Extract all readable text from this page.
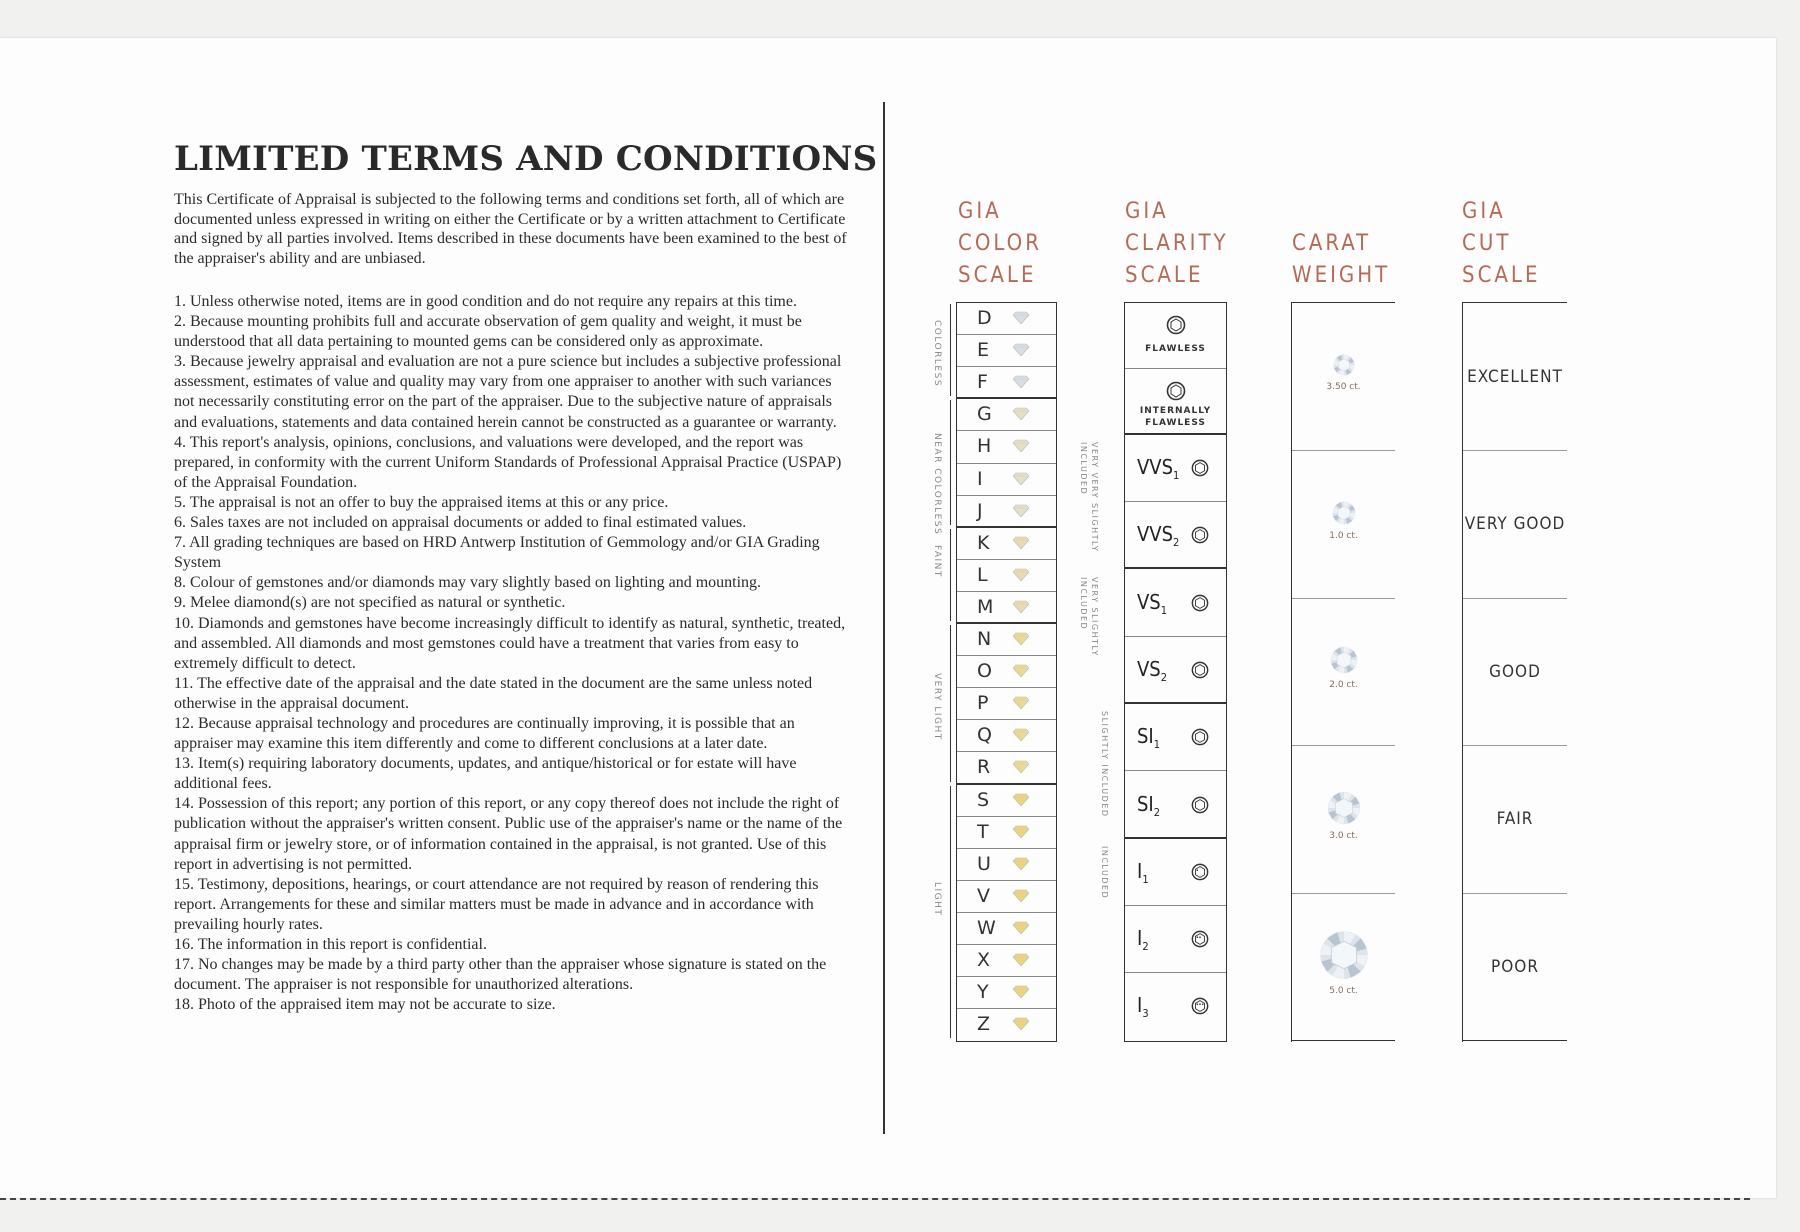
LIMITED TERMS AND CONDITIONS

This Certificate of Appraisal is subjected to the following terms and conditions set forth, all of which are documented unless expressed in writing on either the Certificate or by a written attachment to Certificate and signed by all parties involved. Items described in these documents have been examined to the best of the appraiser's ability and are unbiased.

1. Unless otherwise noted, items are in good condition and do not require any repairs at this time.

2. Because mounting prohibits full and accurate observation of gem quality and weight, it must be understood that all data pertaining to mounted gems can be considered only as approximate.

3. Because jewelry appraisal and evaluation are not a pure science but includes a subjective professional assessment, estimates of value and quality may vary from one appraiser to another with such variances not necessarily constituting error on the part of the appraiser. Due to the subjective nature of appraisals and evaluations, statements and data contained herein cannot be constructed as a guarantee or warranty.

4. This report's analysis, opinions, conclusions, and valuations were developed, and the report was prepared, in conformity with the current Uniform Standards of Professional Appraisal Practice (USPAP) of the Appraisal Foundation.

5. The appraisal is not an offer to buy the appraised items at this or any price.

6. Sales taxes are not included on appraisal documents or added to final estimated values.

7. All grading techniques are based on HRD Antwerp Institution of Gemmology and/or GIA Grading System

8. Colour of gemstones and/or diamonds may vary slightly based on lighting and mounting.

9. Melee diamond(s) are not specified as natural or synthetic.

10. Diamonds and gemstones have become increasingly difficult to identify as natural, synthetic, treated, and assembled. All diamonds and most gemstones could have a treatment that varies from easy to extremely difficult to detect.

11. The effective date of the appraisal and the date stated in the document are the same unless noted otherwise in the appraisal document.

12. Because appraisal technology and procedures are continually improving, it is possible that an appraiser may examine this item differently and come to different conclusions at a later date.

13. Item(s) requiring laboratory documents, updates, and antique/historical or for estate will have additional fees.

14. Possession of this report; any portion of this report, or any copy thereof does not include the right of publication without the appraiser's written consent. Public use of the appraiser's name or the name of the appraisal firm or jewelry store, or of information contained in the appraisal, is not granted. Use of this report in advertising is not permitted.

15. Testimony, depositions, hearings, or court attendance are not required by reason of rendering this report. Arrangements for these and similar matters must be made in advance and in accordance with prevailing hourly rates.

16. The information in this report is confidential.

17. No changes may be made by a third party other than the appraiser whose signature is stated on the document. The appraiser is not responsible for unauthorized alterations.

18. Photo of the appraised item may not be accurate to size.

GIA
COLOR
SCALE
GIA
CLARITY
SCALE
CARAT
WEIGHT
GIA
CUT
SCALE
D
E
F
G
H
I
J
K
L
M
N
O
P
Q
R
S
T
U
V
W
X
Y
Z
COLORLESS
NEAR COLORLESS
FAINT
VERY LIGHT
LIGHT
FLAWLESS
INTERNALLY
FLAWLESS
$VVS_1$
$VVS_2$
$VS_1$
$VS_2$
$SI_1$
$SI_2$
$I_1$
$I_2$
$I_3$
VERY VERY SLIGHTLY INCLUDED
VERY SLIGHTLY INCLUDED
SLIGHTLY INCLUDED
INCLUDED
3.50 ct.
1.0 ct.
2.0 ct.
3.0 ct.
5.0 ct.
EXCELLENT
VERY GOOD
GOOD
FAIR
POOR
